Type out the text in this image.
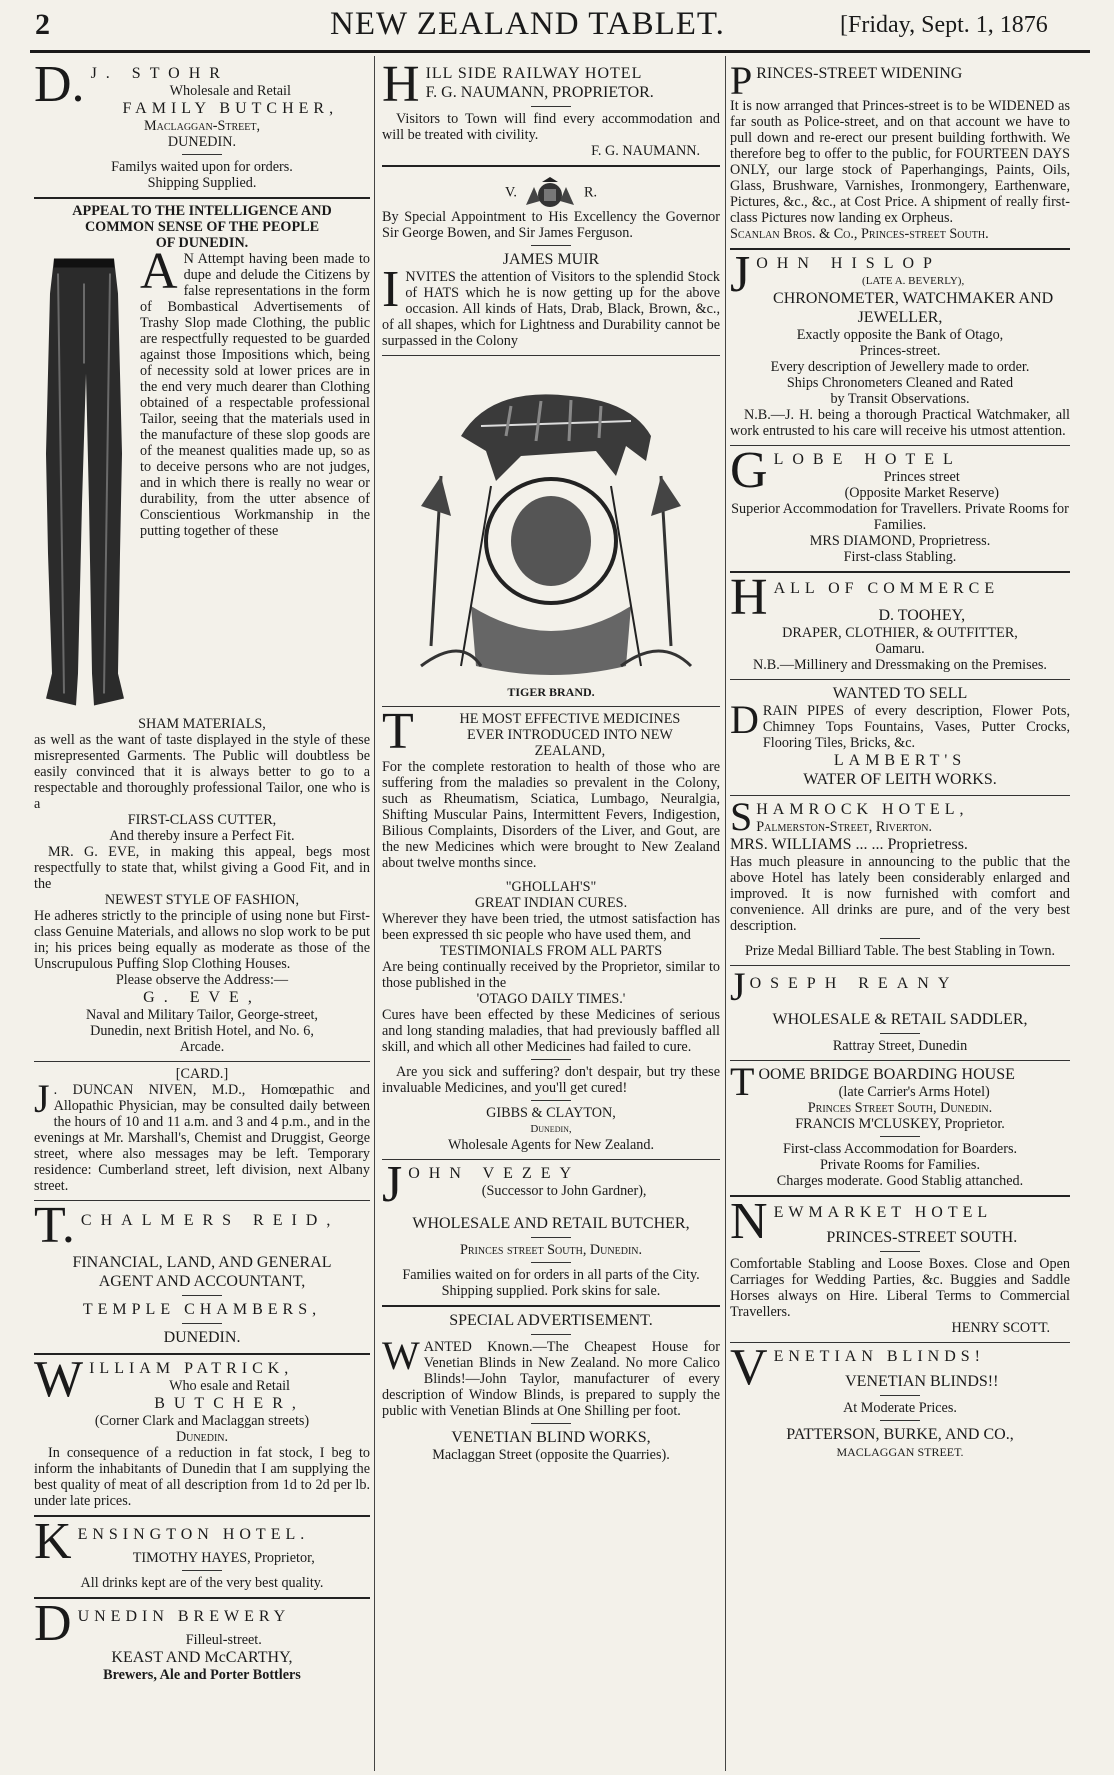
2	NEW ZEALAND TABLET.	[Friday, Sept. 1, 1876
D. J. STOHR
Wholesale and Retail
FAMILY BUTCHER,
Maclaggan-Street,
DUNEDIN.
Familys waited upon for orders.
Shipping Supplied.
APPEAL TO THE INTELLIGENCE AND
COMMON SENSE OF THE PEOPLE
OF DUNEDIN.
A N Attempt having been made to dupe and delude the Citizens by false representations in the form of Bombastical Advertisements of Trashy Slop made Clothing, the public are respectfully requested to be guarded against those Impositions which, being of necessity sold at lower prices are in the end very much dearer than Clothing obtained of a respectable professional Tailor, seeing that the materials used in the manufacture of these slop goods are of the meanest qualities made up, so as to deceive persons who are not judges, and in which there is really no wear or durability, from the utter absence of Conscientious Workmanship in the putting together of these
SHAM MATERIALS,
as well as the want of taste displayed in the style of these misrepresented Garments. The Public will doubtless be easily convinced that it is always better to go to a respectable and thoroughly professional Tailor, one who is a
FIRST-CLASS CUTTER,
And thereby insure a Perfect Fit.
MR. G. EVE, in making this appeal, begs most respectfully to state that, whilst giving a Good Fit, and in the
NEWEST STYLE OF FASHION,
He adheres strictly to the principle of using none but First-class Genuine Materials, and allows no slop work to be put in; his prices being equally as moderate as those of the Unscrupulous Puffing Slop Clothing Houses.
Please observe the Address:—
G. EVE,
Naval and Military Tailor, George-street,
Dunedin, next British Hotel, and No. 6,
Arcade.
[CARD.]
J . DUNCAN NIVEN, M.D., Homœpathic and Allopathic Physician, may be consulted daily between the hours of 10 and 11 a.m. and 3 and 4 p.m., and in the evenings at Mr. Marshall's, Chemist and Druggist, George street, where also messages may be left. Temporary residence: Cumberland street, left division, next Albany street.
T. CHALMERS REID,
FINANCIAL, LAND, AND GENERAL
AGENT AND ACCOUNTANT,
TEMPLE CHAMBERS,
DUNEDIN.
W ILLIAM PATRICK,
Who esale and Retail
BUTCHER,
(Corner Clark and Maclaggan streets)
Dunedin.
In consequence of a reduction in fat stock, I beg to inform the inhabitants of Dunedin that I am supplying the best quality of meat of all description from 1d to 2d per lb. under late prices.
K ENSINGTON HOTEL.
TIMOTHY HAYES, Proprietor,
All drinks kept are of the very best quality.
D UNEDIN BREWERY
Filleul-street.
KEAST AND McCARTHY,
Brewers, Ale and Porter Bottlers
H ILL SIDE RAILWAY HOTEL
F. G. NAUMANN, PROPRIETOR.
Visitors to Town will find every accommodation and will be treated with civility.
F. G. NAUMANN.
V.	R.
By Special Appointment to His Excellency the Governor Sir George Bowen, and Sir James Ferguson.
JAMES MUIR
I NVITES the attention of Visitors to the splendid Stock of HATS which he is now getting up for the above occasion. All kinds of Hats, Drab, Black, Brown, &c., of all shapes, which for Lightness and Durability cannot be surpassed in the Colony
TIGER BRAND.
T	HE MOST EFFECTIVE MEDICINES
EVER INTRODUCED INTO NEW
ZEALAND,
For the complete restoration to health of those who are suffering from the maladies so prevalent in the Colony, such as Rheumatism, Sciatica, Lumbago, Neuralgia, Shifting Muscular Pains, Intermittent Fevers, Indigestion, Bilious Complaints, Disorders of the Liver, and Gout, are the new Medicines which were brought to New Zealand about twelve months since.
"GHOLLAH'S"
GREAT INDIAN CURES.
Wherever they have been tried, the utmost satisfaction has been expressed th sic people who have used them, and
TESTIMONIALS FROM ALL PARTS
Are being continually received by the Proprietor, similar to those published in the
'OTAGO DAILY TIMES.'
Cures have been effected by these Medicines of serious and long standing maladies, that had previously baffled all skill, and which all other Medicines had failed to cure.
Are you sick and suffering? don't despair, but try these invaluable Medicines, and you'll get cured!
GIBBS & CLAYTON,
Dunedin,
Wholesale Agents for New Zealand.
J OHN VEZEY
(Successor to John Gardner),
WHOLESALE AND RETAIL BUTCHER,
Princes street South, Dunedin.
Families waited on for orders in all parts of the City.
Shipping supplied. Pork skins for sale.
SPECIAL ADVERTISEMENT.
W ANTED Known.—The Cheapest House for Venetian Blinds in New Zealand. No more Calico Blinds!—John Taylor, manufacturer of every description of Window Blinds, is prepared to supply the public with Venetian Blinds at One Shilling per foot.
VENETIAN BLIND WORKS,
Maclaggan Street (opposite the Quarries).
P RINCES-STREET WIDENING
It is now arranged that Princes-street is to be WIDENED as far south as Police-street, and on that account we have to pull down and re-erect our present building forthwith. We therefore beg to offer to the public, for FOURTEEN DAYS ONLY, our large stock of Paperhangings, Paints, Oils, Glass, Brushware, Varnishes, Ironmongery, Earthenware, Pictures, &c., &c., at Cost Price. A shipment of really first-class Pictures now landing ex Orpheus.
Scanlan Bros. & Co., Princes-street South.
J OHN HISLOP
(LATE A. BEVERLY),
CHRONOMETER, WATCHMAKER AND
JEWELLER,
Exactly opposite the Bank of Otago,
Princes-street.
Every description of Jewellery made to order.
Ships Chronometers Cleaned and Rated
by Transit Observations.
N.B.—J. H. being a thorough Practical Watchmaker, all work entrusted to his care will receive his utmost attention.
G LOBE HOTEL
Princes street
(Opposite Market Reserve)
Superior Accommodation for Travellers. Private Rooms for Families.
MRS DIAMOND, Proprietress.
First-class Stabling.
H ALL OF COMMERCE
D. TOOHEY,
DRAPER, CLOTHIER, & OUTFITTER,
Oamaru.
N.B.—Millinery and Dressmaking on the Premises.
WANTED TO SELL
D RAIN PIPES of every description, Flower Pots, Chimney Tops Fountains, Vases, Putter Crocks, Flooring Tiles, Bricks, &c.
LAMBERT'S
WATER OF LEITH WORKS.
S HAMROCK HOTEL,
Palmerston-Street, Riverton.
MRS. WILLIAMS ... ... Proprietress.
Has much pleasure in announcing to the public that the above Hotel has lately been considerably enlarged and improved. It is now furnished with comfort and convenience. All drinks are pure, and of the very best description.
Prize Medal Billiard Table. The best Stabling in Town.
J OSEPH REANY
WHOLESALE & RETAIL SADDLER,
Rattray Street, Dunedin
T OOME BRIDGE BOARDING HOUSE
(late Carrier's Arms Hotel)
Princes Street South, Dunedin.
FRANCIS M'CLUSKEY, Proprietor.
First-class Accommodation for Boarders.
Private Rooms for Families.
Charges moderate. Good Stablig attanched.
N EWMARKET HOTEL
PRINCES-STREET SOUTH.
Comfortable Stabling and Loose Boxes. Close and Open Carriages for Wedding Parties, &c. Buggies and Saddle Horses always on Hire. Liberal Terms to Commercial Travellers.
HENRY SCOTT.
V ENETIAN BLINDS!
VENETIAN BLINDS!!
At Moderate Prices.
PATTERSON, BURKE, AND CO.,
MACLAGGAN STREET.
